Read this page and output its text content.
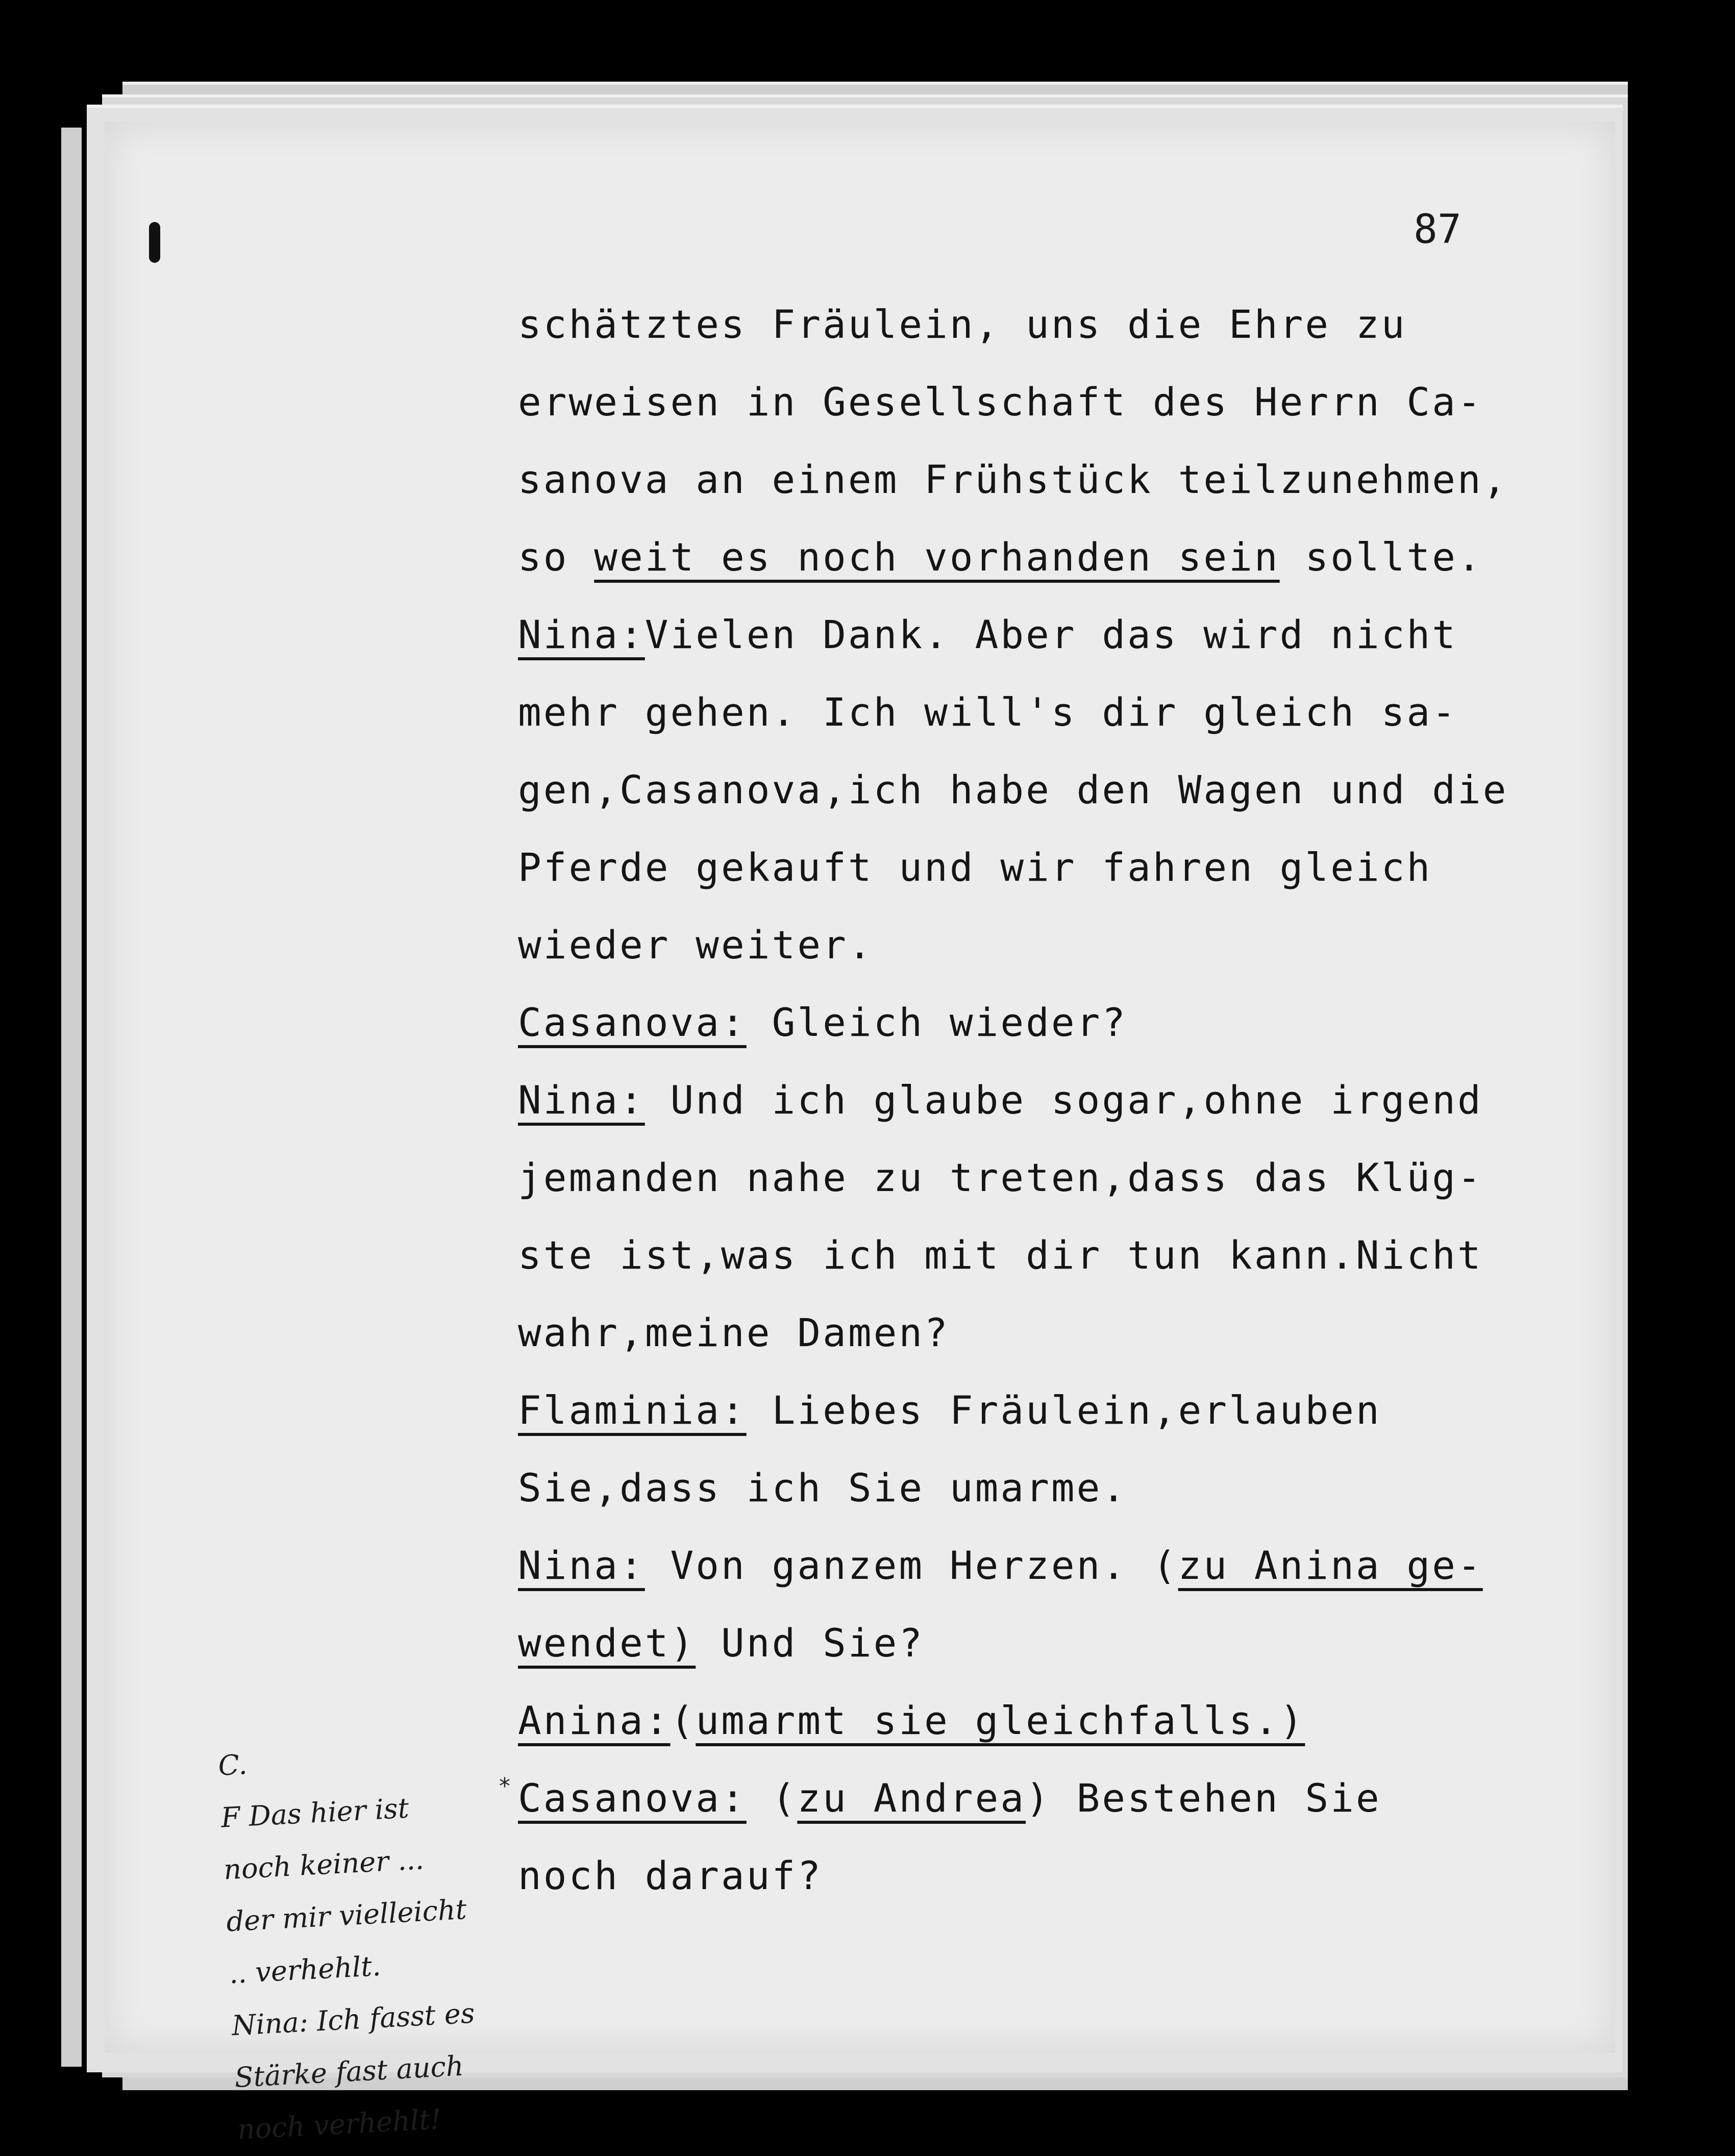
87
schätztes Fräulein, uns die Ehre zu
erweisen in Gesellschaft des Herrn Ca-
sanova an einem Frühstück teilzunehmen,
so weit es noch vorhanden sein sollte.
Nina:Vielen Dank. Aber das wird nicht
mehr gehen. Ich will's dir gleich sa-
gen,Casanova,ich habe den Wagen und die
Pferde gekauft und wir fahren gleich
wieder weiter.
Casanova: Gleich wieder?
Nina: Und ich glaube sogar,ohne irgend
jemanden nahe zu treten,dass das Klüg-
ste ist,was ich mit dir tun kann.Nicht
wahr,meine Damen?
Flaminia: Liebes Fräulein,erlauben
Sie,dass ich Sie umarme.
Nina: Von ganzem Herzen. (zu Anina ge-
wendet) Und Sie?
Anina:(umarmt sie gleichfalls.)
Casanova: (zu Andrea) Bestehen Sie
noch darauf?
*
C.
F Das hier ist
noch keiner ...
der mir vielleicht
.. verhehlt.
Nina: Ich fasst es
Stärke fast auch
noch verhehlt!
